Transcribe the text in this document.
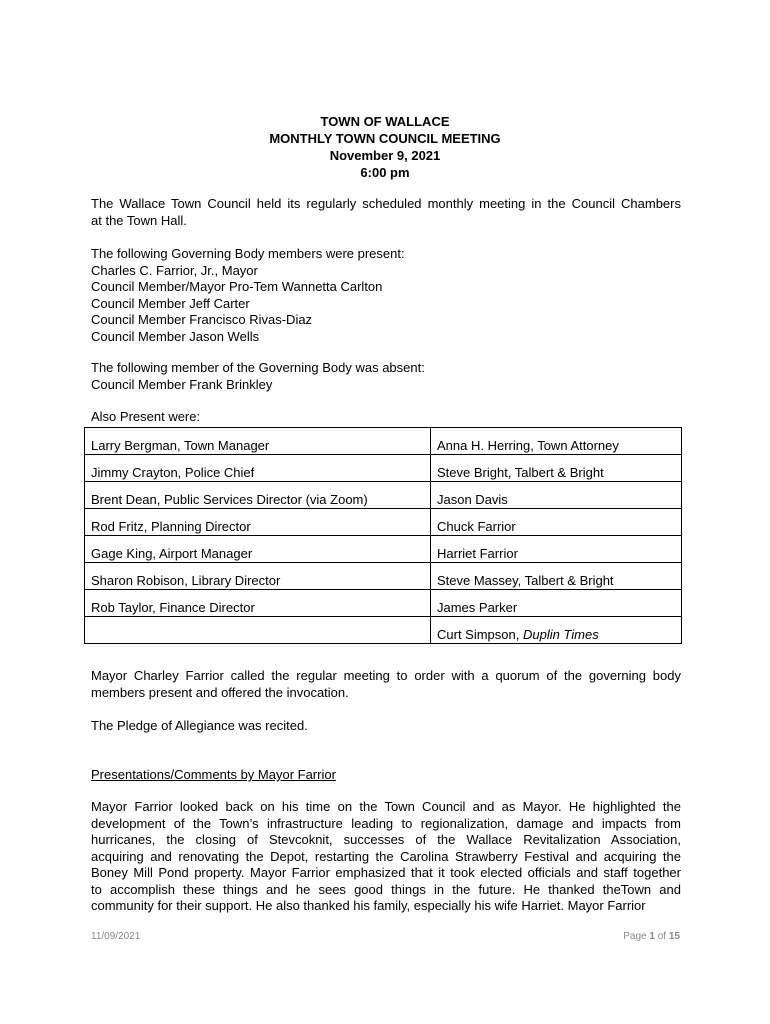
TOWN OF WALLACE
MONTHLY TOWN COUNCIL MEETING
November 9, 2021
6:00 pm
The Wallace Town Council held its regularly scheduled monthly meeting in the Council Chambers
at the Town Hall.
The following Governing Body members were present:
Charles C. Farrior, Jr., Mayor
Council Member/Mayor Pro-Tem Wannetta Carlton
Council Member Jeff Carter
Council Member Francisco Rivas-Diaz
Council Member Jason Wells
The following member of the Governing Body was absent:
Council Member Frank Brinkley
Also Present were:
Larry Bergman, Town Manager	Anna H. Herring, Town Attorney
Jimmy Crayton, Police Chief	Steve Bright, Talbert & Bright
Brent Dean, Public Services Director (via Zoom)	Jason Davis
Rod Fritz, Planning Director	Chuck Farrior
Gage King, Airport Manager	Harriet Farrior
Sharon Robison, Library Director	Steve Massey, Talbert & Bright
Rob Taylor, Finance Director	James Parker
	Curt Simpson, Duplin Times
Mayor Charley Farrior called the regular meeting to order with a quorum of the governing body
members present and offered the invocation.
The Pledge of Allegiance was recited.
Presentations/Comments by Mayor Farrior
Mayor Farrior looked back on his time on the Town Council and as Mayor. He highlighted the
development of the Town’s infrastructure leading to regionalization, damage and impacts from
hurricanes, the closing of Stevcoknit, successes of the Wallace Revitalization Association,
acquiring and renovating the Depot, restarting the Carolina Strawberry Festival and acquiring the
Boney Mill Pond property. Mayor Farrior emphasized that it took elected officials and staff together
to accomplish these things and he sees good things in the future. He thanked theTown and
community for their support. He also thanked his family, especially his wife Harriet. Mayor Farrior
11/09/2021	Page 1 of 15
